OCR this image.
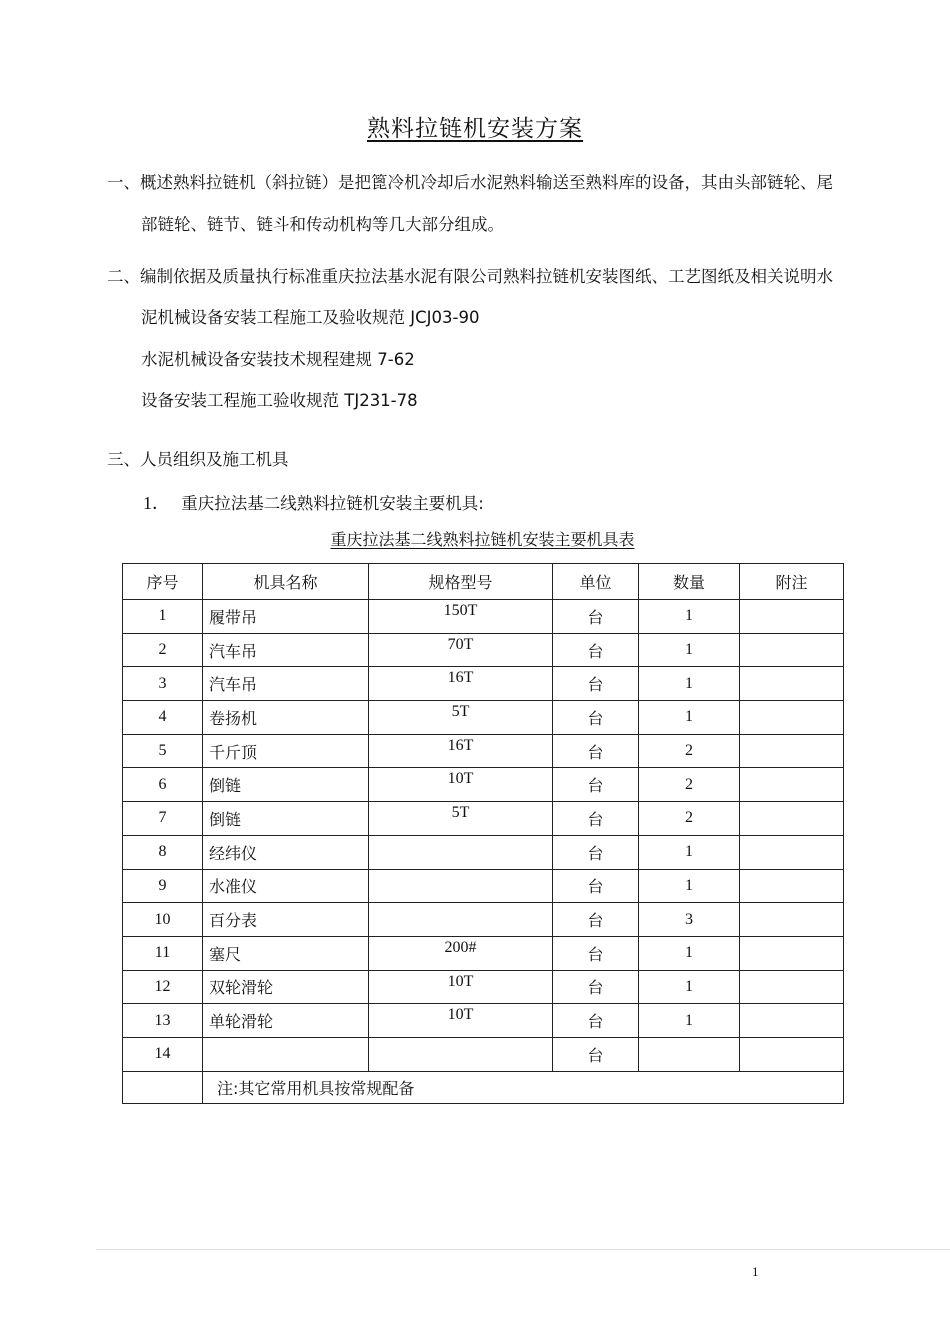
熟料拉链机安装方案
一、概述熟料拉链机（斜拉链）是把篦冷机冷却后水泥熟料输送至熟料库的设备，其由头部链轮、尾
部链轮、链节、链斗和传动机构等几大部分组成。
二、编制依据及质量执行标准重庆拉法基水泥有限公司熟料拉链机安装图纸、工艺图纸及相关说明水
泥机械设备安装工程施工及验收规范 JCJ03-90
水泥机械设备安装技术规程建规 7-62
设备安装工程施工验收规范 TJ231-78
三、人员组织及施工机具
1． 重庆拉法基二线熟料拉链机安装主要机具:
重庆拉法基二线熟料拉链机安装主要机具表
序号	机具名称	规格型号	单位	数量	附注
1	履带吊	150T	台	1	
2	汽车吊	70T	台	1	
3	汽车吊	16T	台	1	
4	卷扬机	5T	台	1	
5	千斤顶	16T	台	2	
6	倒链	10T	台	2	
7	倒链	5T	台	2	
8	经纬仪		台	1	
9	水准仪		台	1	
10	百分表		台	3	
11	塞尺	200#	台	1	
12	双轮滑轮	10T	台	1	
13	单轮滑轮	10T	台	1	
14			台		
	注:其它常用机具按常规配备				
1
